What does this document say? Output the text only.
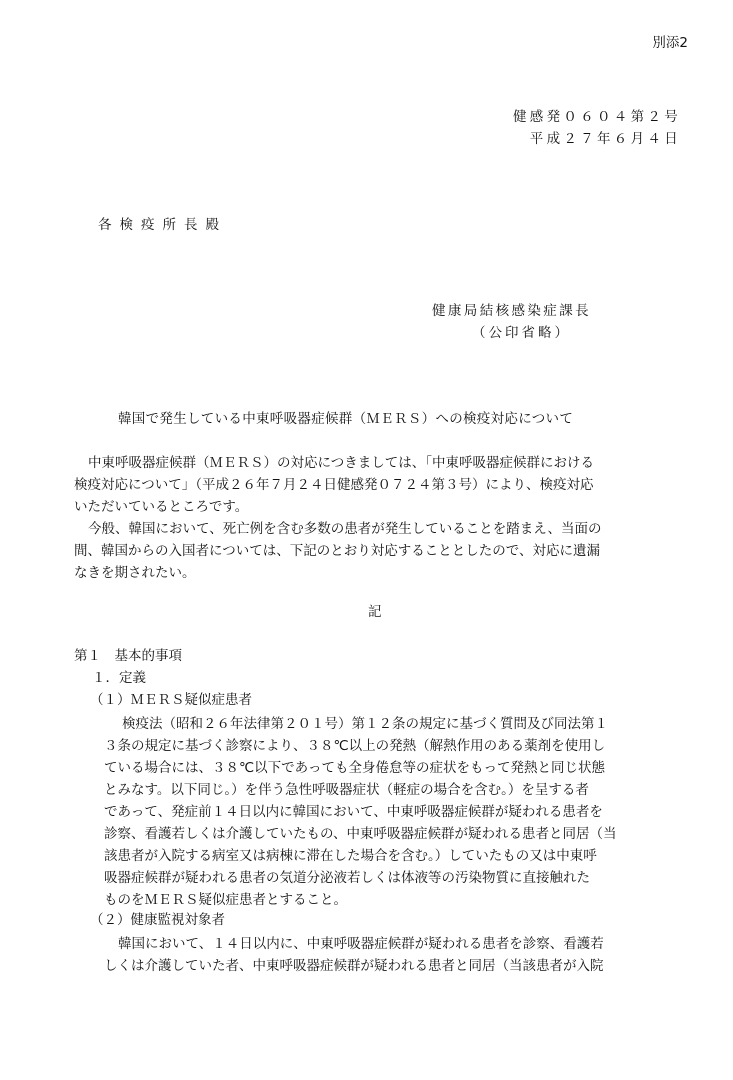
別添2
健感発０６０４第２号
平成２７年６月４日
各検疫所長殿
健康局結核感染症課長
（公印省略）
韓国で発生している中東呼吸器症候群（ＭＥＲＳ）への検疫対応について
中東呼吸器症候群（ＭＥＲＳ）の対応につきましては、「中東呼吸器症候群における
検疫対応について」（平成２６年７月２４日健感発０７２４第３号）により、検疫対応
いただいているところです。
今般、韓国において、死亡例を含む多数の患者が発生していることを踏まえ、当面の
間、韓国からの入国者については、下記のとおり対応することとしたので、対応に遺漏
なきを期されたい。
記
第１　基本的事項
１．定義
（１）ＭＥＲＳ疑似症患者
検疫法（昭和２６年法律第２０１号）第１２条の規定に基づく質問及び同法第１
３条の規定に基づく診察により、３８℃以上の発熱（解熱作用のある薬剤を使用し
ている場合には、３８℃以下であっても全身倦怠等の症状をもって発熱と同じ状態
とみなす。以下同じ。）を伴う急性呼吸器症状（軽症の場合を含む。）を呈する者
であって、発症前１４日以内に韓国において、中東呼吸器症候群が疑われる患者を
診察、看護若しくは介護していたもの、中東呼吸器症候群が疑われる患者と同居（当
該患者が入院する病室又は病棟に滞在した場合を含む。）していたもの又は中東呼
吸器症候群が疑われる患者の気道分泌液若しくは体液等の汚染物質に直接触れた
ものをＭＥＲＳ疑似症患者とすること。
（２）健康監視対象者
韓国において、１４日以内に、中東呼吸器症候群が疑われる患者を診察、看護若
しくは介護していた者、中東呼吸器症候群が疑われる患者と同居（当該患者が入院
